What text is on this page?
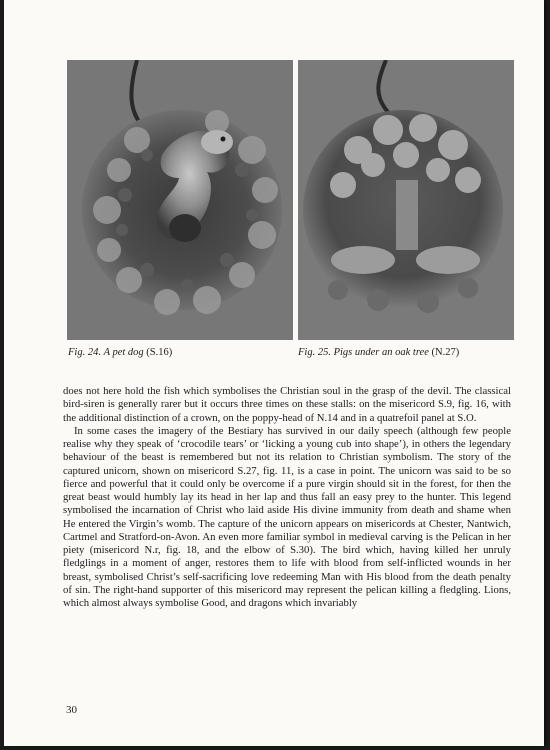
Fig. 24. A pet dog (S.16)	Fig. 25. Pigs under an oak tree (N.27)

does not here hold the fish which symbolises the Christian soul in the grasp of the devil. The classical bird-siren is generally rarer but it occurs three times on these stalls: on the misericord S.9, fig. 16, with the additional distinction of a crown, on the poppy-head of N.14 and in a quatrefoil panel at S.O.

In some cases the imagery of the Bestiary has survived in our daily speech (although few people realise why they speak of ‘crocodile tears’ or ‘licking a young cub into shape’), in others the legendary behaviour of the beast is remembered but not its relation to Christian symbolism. The story of the captured unicorn, shown on misericord S.27, fig. 11, is a case in point. The unicorn was said to be so fierce and powerful that it could only be overcome if a pure virgin should sit in the forest, for then the great beast would humbly lay its head in her lap and thus fall an easy prey to the hunter. This legend symbolised the incarnation of Christ who laid aside His divine immunity from death and shame when He entered the Virgin’s womb. The capture of the unicorn appears on misericords at Chester, Nantwich, Cartmel and Stratford-on-Avon. An even more familiar symbol in medieval carving is the Pelican in her piety (misericord N.r, fig. 18, and the elbow of S.30). The bird which, having killed her unruly fledglings in a moment of anger, restores them to life with blood from self-inflicted wounds in her breast, symbolised Christ’s self-sacrificing love redeeming Man with His blood from the death penalty of sin. The right-hand supporter of this misericord may represent the pelican killing a fledgling. Lions, which almost always symbolise Good, and dragons which invariably

30
